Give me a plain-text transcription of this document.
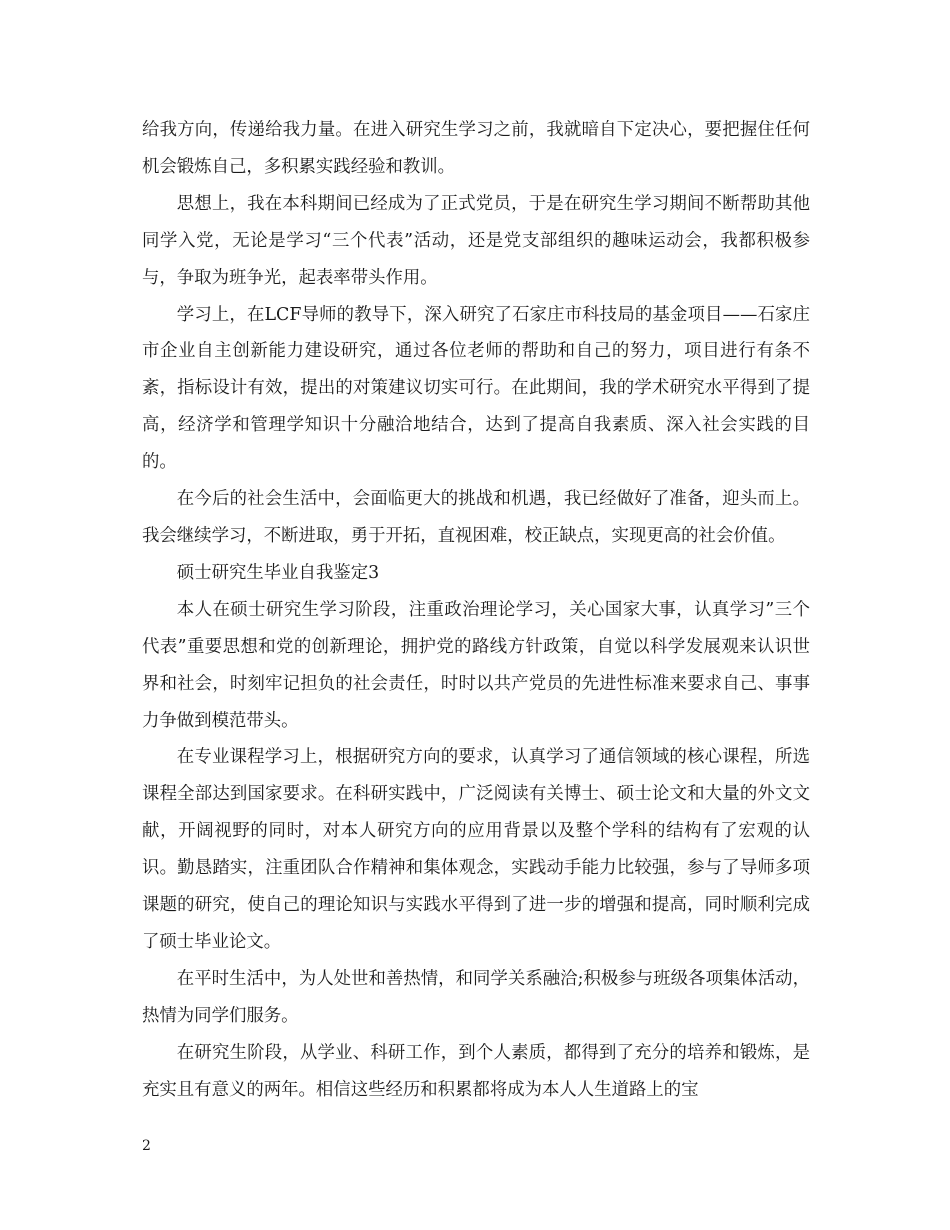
给我方向，传递给我力量。在进入研究生学习之前，我就暗自下定决心，要把握住任何机会锻炼自己，多积累实践经验和教训。

思想上，我在本科期间已经成为了正式党员，于是在研究生学习期间不断帮助其他同学入党，无论是学习“三个代表”活动，还是党支部组织的趣味运动会，我都积极参与，争取为班争光，起表率带头作用。

学习上，在LCF导师的教导下，深入研究了石家庄市科技局的基金项目——石家庄市企业自主创新能力建设研究，通过各位老师的帮助和自己的努力，项目进行有条不紊，指标设计有效，提出的对策建议切实可行。在此期间，我的学术研究水平得到了提高，经济学和管理学知识十分融洽地结合，达到了提高自我素质、深入社会实践的目的。

在今后的社会生活中，会面临更大的挑战和机遇，我已经做好了准备，迎头而上。我会继续学习，不断进取，勇于开拓，直视困难，校正缺点，实现更高的社会价值。

硕士研究生毕业自我鉴定3

本人在硕士研究生学习阶段，注重政治理论学习，关心国家大事，认真学习”三个代表”重要思想和党的创新理论，拥护党的路线方针政策，自觉以科学发展观来认识世界和社会，时刻牢记担负的社会责任，时时以共产党员的先进性标准来要求自己、事事力争做到模范带头。

在专业课程学习上，根据研究方向的要求，认真学习了通信领域的核心课程，所选课程全部达到国家要求。在科研实践中，广泛阅读有关博士、硕士论文和大量的外文文献，开阔视野的同时，对本人研究方向的应用背景以及整个学科的结构有了宏观的认识。勤恳踏实，注重团队合作精神和集体观念，实践动手能力比较强，参与了导师多项课题的研究，使自己的理论知识与实践水平得到了进一步的增强和提高，同时顺利完成了硕士毕业论文。

在平时生活中，为人处世和善热情，和同学关系融洽;积极参与班级各项集体活动，热情为同学们服务。

在研究生阶段，从学业、科研工作，到个人素质，都得到了充分的培养和锻炼，是充实且有意义的两年。相信这些经历和积累都将成为本人人生道路上的宝

2
